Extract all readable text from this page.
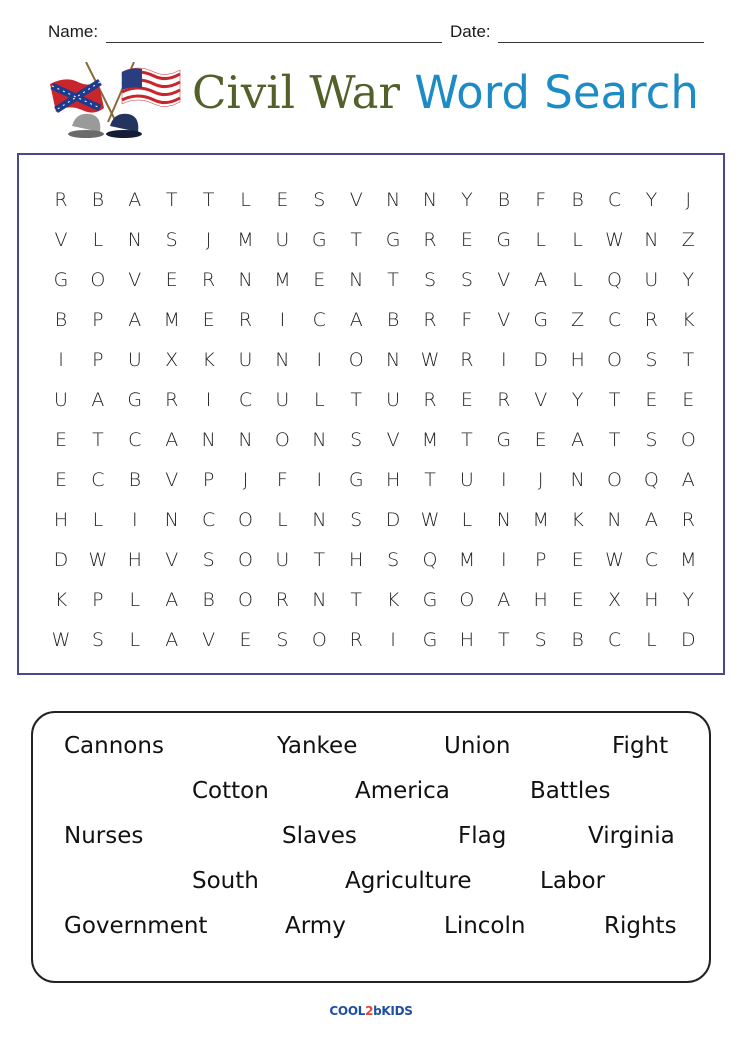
Name:	Date:
Civil War Word Search
R	B	A	T	T	L	E	S	V	N	N	Y	B	F	B	C	Y	J
V	L	N	S	J	M	U	G	T	G	R	E	G	L	L	W	N	Z
G	O	V	E	R	N	M	E	N	T	S	S	V	A	L	Q	U	Y
B	P	A	M	E	R	I	C	A	B	R	F	V	G	Z	C	R	K
I	P	U	X	K	U	N	I	O	N	W	R	I	D	H	O	S	T
U	A	G	R	I	C	U	L	T	U	R	E	R	V	Y	T	E	E
E	T	C	A	N	N	O	N	S	V	M	T	G	E	A	T	S	O
E	C	B	V	P	J	F	I	G	H	T	U	I	J	N	O	Q	A
H	L	I	N	C	O	L	N	S	D	W	L	N	M	K	N	A	R
D	W	H	V	S	O	U	T	H	S	Q	M	I	P	E	W	C	M
K	P	L	A	B	O	R	N	T	K	G	O	A	H	E	X	H	Y
W	S	L	A	V	E	S	O	R	I	G	H	T	S	B	C	L	D
Cannons	Yankee	Union	Fight
Cotton	America	Battles
Nurses	Slaves	Flag	Virginia
South	Agriculture	Labor
Government	Army	Lincoln	Rights
COOL2bKIDS
